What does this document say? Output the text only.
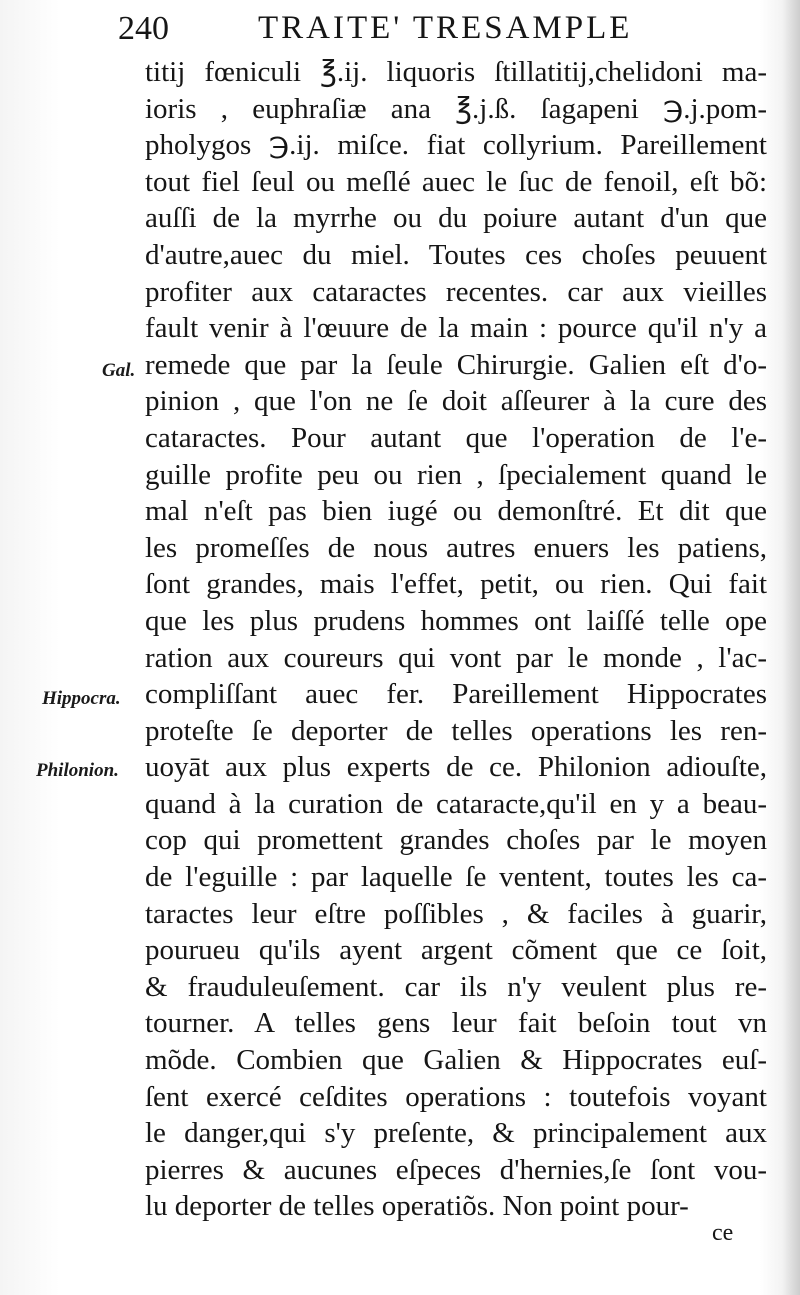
240	TRAITE' TRESAMPLE
Gal.
Hippocra.
Philonion.
titij fœniculi ℥.ij. liquoris ſtillatitij,chelidoni ma-
ioris , euphraſiæ ana ℥.j.ß. ſagapeni ℈.j.pom-
pholygos ℈.ij. miſce. fiat collyrium. Pareillement
tout fiel ſeul ou meſlé auec le ſuc de fenoil, eſt bõ:
auſſi de la myrrhe ou du poiure autant d'un que
d'autre,auec du miel. Toutes ces choſes peuuent
profiter aux cataractes recentes. car aux vieilles
fault venir à l'œuure de la main : pource qu'il n'y a
remede que par la ſeule Chirurgie. Galien eſt d'o-
pinion , que l'on ne ſe doit aſſeurer à la cure des
cataractes. Pour autant que l'operation de l'e-
guille profite peu ou rien , ſpecialement quand le
mal n'eſt pas bien iugé ou demonſtré. Et dit que
les promeſſes de nous autres enuers les patiens,
ſont grandes, mais l'effet, petit, ou rien. Qui fait
que les plus prudens hommes ont laiſſé telle ope
ration aux coureurs qui vont par le monde , l'ac-
compliſſant auec fer. Pareillement Hippocrates
proteſte ſe deporter de telles operations les ren-
uoyāt aux plus experts de ce. Philonion adiouſte,
quand à la curation de cataracte,qu'il en y a beau-
cop qui promettent grandes choſes par le moyen
de l'eguille : par laquelle ſe ventent, toutes les ca-
taractes leur eſtre poſſibles , & faciles à guarir,
pourueu qu'ils ayent argent cõment que ce ſoit,
& frauduleuſement. car ils n'y veulent plus re-
tourner. A telles gens leur fait beſoin tout vn
mõde. Combien que Galien & Hippocrates euſ-
ſent exercé ceſdites operations : toutefois voyant
le danger,qui s'y preſente, & principalement aux
pierres & aucunes eſpeces d'hernies,ſe ſont vou-
lu deporter de telles operatiõs. Non point pour-
ce
